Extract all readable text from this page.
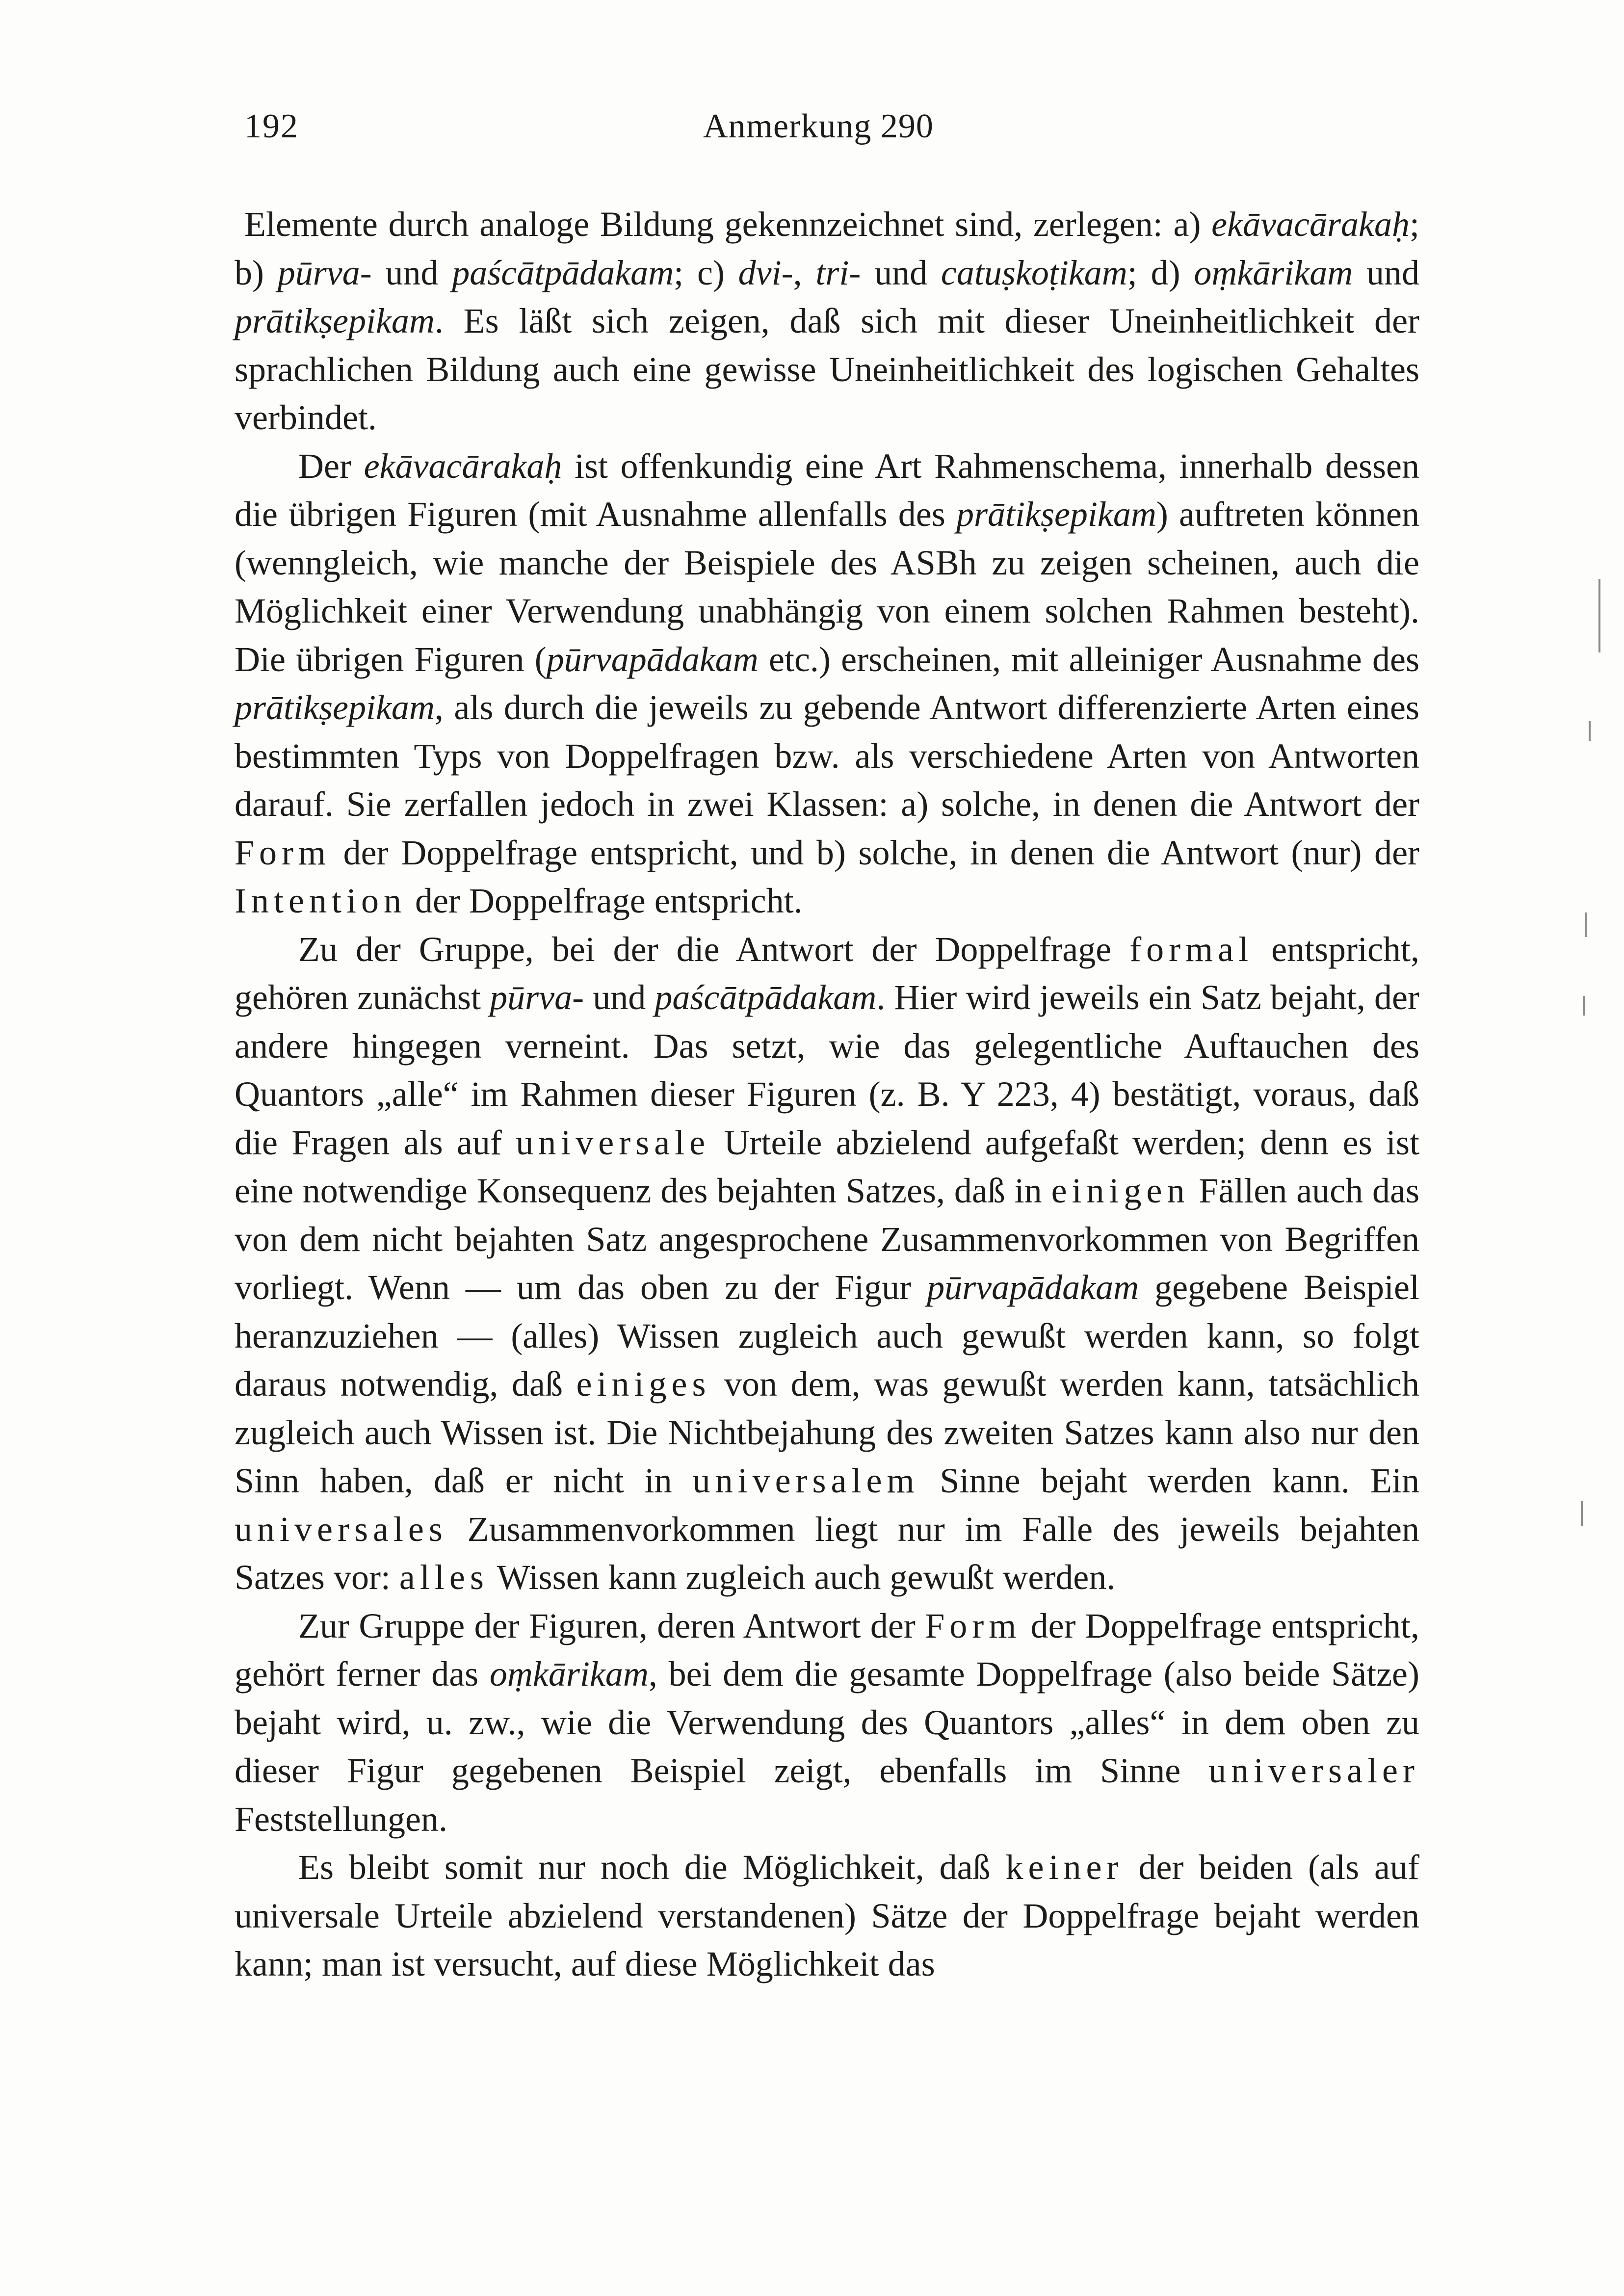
192	Anmerkung 290

Elemente durch analoge Bildung gekennzeichnet sind, zerlegen: a) ekāvacārakaḥ; b) pūrva- und paścātpādakam; c) dvi-, tri- und catuṣkoṭikam; d) oṃkārikam und prātikṣepikam. Es läßt sich zeigen, daß sich mit dieser Uneinheitlichkeit der sprachlichen Bildung auch eine gewisse Uneinheitlichkeit des logischen Gehaltes verbindet.

Der ekāvacārakaḥ ist offenkundig eine Art Rahmenschema, innerhalb dessen die übrigen Figuren (mit Ausnahme allenfalls des prātikṣepikam) auftreten können (wenngleich, wie manche der Beispiele des ASBh zu zeigen scheinen, auch die Möglichkeit einer Verwendung unabhängig von einem solchen Rahmen besteht). Die übrigen Figuren (pūrvapādakam etc.) erscheinen, mit alleiniger Ausnahme des prātikṣepikam, als durch die jeweils zu gebende Antwort differenzierte Arten eines bestimmten Typs von Doppelfragen bzw. als verschiedene Arten von Antworten darauf. Sie zerfallen jedoch in zwei Klassen: a) solche, in denen die Antwort der Form der Doppelfrage entspricht, und b) solche, in denen die Antwort (nur) der Intention der Doppelfrage entspricht.

Zu der Gruppe, bei der die Antwort der Doppelfrage formal entspricht, gehören zunächst pūrva- und paścātpādakam. Hier wird jeweils ein Satz bejaht, der andere hingegen verneint. Das setzt, wie das gelegentliche Auftauchen des Quantors „alle“ im Rahmen dieser Figuren (z. B. Y 223, 4) bestätigt, voraus, daß die Fragen als auf universale Urteile abzielend aufgefaßt werden; denn es ist eine notwendige Konsequenz des bejahten Satzes, daß in einigen Fällen auch das von dem nicht bejahten Satz angesprochene Zusammenvorkommen von Begriffen vorliegt. Wenn — um das oben zu der Figur pūrvapādakam gegebene Beispiel heranzuziehen — (alles) Wissen zugleich auch gewußt werden kann, so folgt daraus notwendig, daß einiges von dem, was gewußt werden kann, tatsächlich zugleich auch Wissen ist. Die Nichtbejahung des zweiten Satzes kann also nur den Sinn haben, daß er nicht in universalem Sinne bejaht werden kann. Ein universales Zusammenvorkommen liegt nur im Falle des jeweils bejahten Satzes vor: alles Wissen kann zugleich auch gewußt werden.

Zur Gruppe der Figuren, deren Antwort der Form der Doppelfrage entspricht, gehört ferner das oṃkārikam, bei dem die gesamte Doppelfrage (also beide Sätze) bejaht wird, u. zw., wie die Verwendung des Quantors „alles“ in dem oben zu dieser Figur gegebenen Beispiel zeigt, ebenfalls im Sinne universaler Feststellungen.

Es bleibt somit nur noch die Möglichkeit, daß keiner der beiden (als auf universale Urteile abzielend verstandenen) Sätze der Doppelfrage bejaht werden kann; man ist versucht, auf diese Möglichkeit das
